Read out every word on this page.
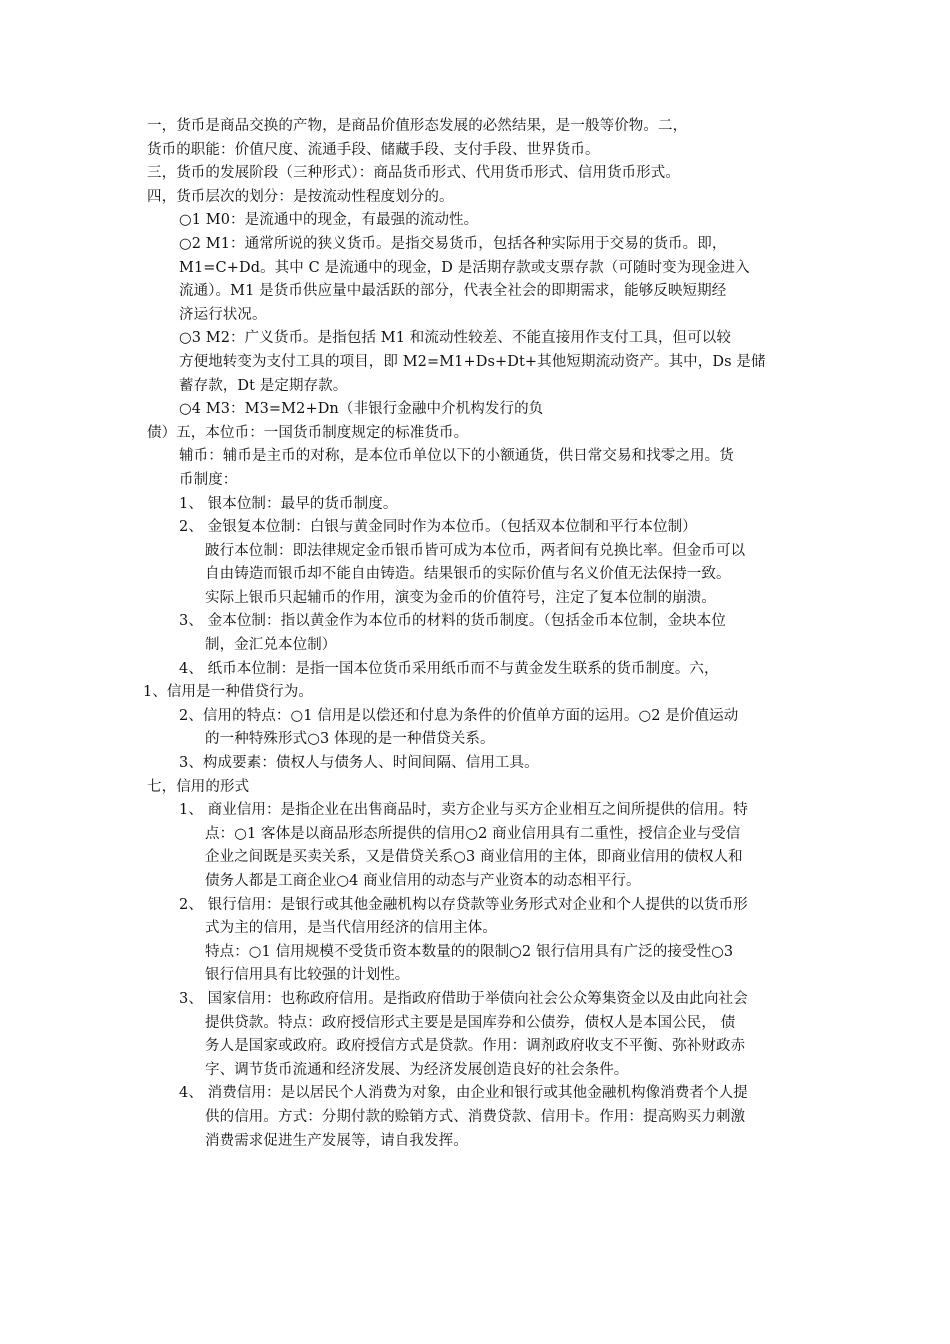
一，货币是商品交换的产物，是商品价值形态发展的必然结果，是一般等价物。二，
货币的职能：价值尺度、流通手段、储藏手段、支付手段、世界货币。
三，货币的发展阶段（三种形式）：商品货币形式、代用货币形式、信用货币形式。
四，货币层次的划分：是按流动性程度划分的。
○1 M0：是流通中的现金，有最强的流动性。
○2 M1：通常所说的狭义货币。是指交易货币，包括各种实际用于交易的货币。即，
M1=C+Dd。其中 C 是流通中的现金，D 是活期存款或支票存款（可随时变为现金进入
流通）。M1 是货币供应量中最活跃的部分，代表全社会的即期需求，能够反映短期经
济运行状况。
○3 M2：广义货币。是指包括 M1 和流动性较差、不能直接用作支付工具，但可以较
方便地转变为支付工具的项目，即 M2=M1+Ds+Dt+其他短期流动资产。其中，Ds 是储
蓄存款，Dt 是定期存款。
○4 M3：M3=M2+Dn（非银行金融中介机构发行的负
债）五，本位币：一国货币制度规定的标准货币。
辅币：辅币是主币的对称，是本位币单位以下的小额通货，供日常交易和找零之用。货
币制度：
1、 银本位制：最早的货币制度。
2、 金银复本位制：白银与黄金同时作为本位币。（包括双本位制和平行本位制）
跛行本位制：即法律规定金币银币皆可成为本位币，两者间有兑换比率。但金币可以
自由铸造而银币却不能自由铸造。结果银币的实际价值与名义价值无法保持一致。
实际上银币只起辅币的作用，演变为金币的价值符号，注定了复本位制的崩溃。
3、 金本位制：指以黄金作为本位币的材料的货币制度。（包括金币本位制，金块本位
制，金汇兑本位制）
4、 纸币本位制：是指一国本位货币采用纸币而不与黄金发生联系的货币制度。六，
1、信用是一种借贷行为。
2、信用的特点：○1 信用是以偿还和付息为条件的价值单方面的运用。○2 是价值运动
的一种特殊形式○3 体现的是一种借贷关系。
3、构成要素：债权人与债务人、时间间隔、信用工具。
七，信用的形式
1、 商业信用：是指企业在出售商品时，卖方企业与买方企业相互之间所提供的信用。特
点：○1 客体是以商品形态所提供的信用○2 商业信用具有二重性，授信企业与受信
企业之间既是买卖关系，又是借贷关系○3 商业信用的主体，即商业信用的债权人和
债务人都是工商企业○4 商业信用的动态与产业资本的动态相平行。
2、 银行信用：是银行或其他金融机构以存贷款等业务形式对企业和个人提供的以货币形
式为主的信用，是当代信用经济的信用主体。
特点：○1 信用规模不受货币资本数量的的限制○2 银行信用具有广泛的接受性○3
银行信用具有比较强的计划性。
3、 国家信用：也称政府信用。是指政府借助于举债向社会公众筹集资金以及由此向社会
提供贷款。特点：政府授信形式主要是是国库券和公债券，债权人是本国公民， 债
务人是国家或政府。政府授信方式是贷款。作用：调剂政府收支不平衡、弥补财政赤
字、调节货币流通和经济发展、为经济发展创造良好的社会条件。
4、 消费信用：是以居民个人消费为对象，由企业和银行或其他金融机构像消费者个人提
供的信用。方式：分期付款的赊销方式、消费贷款、信用卡。作用：提高购买力刺激
消费需求促进生产发展等，请自我发挥。
